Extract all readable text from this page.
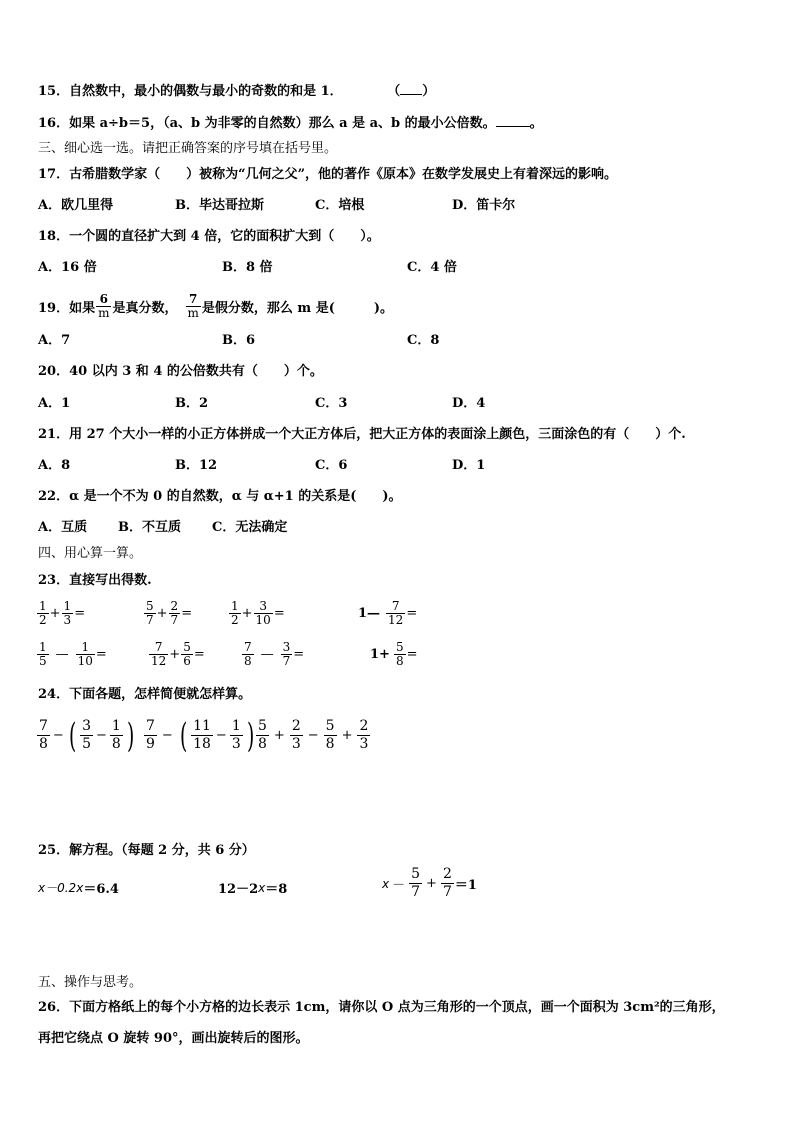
15．自然数中，最小的偶数与最小的奇数的和是 1．	（ ）
16．如果 a÷b＝5，（a、b 为非零的自然数）那么 a 是 a、b 的最小公倍数。	。
三、细心选一选。请把正确答案的序号填在括号里。
17．古希腊数学家（　　）被称为“几何之父”，他的著作《原本》在数学发展史上有着深远的影响。
A．欧几里得	B．毕达哥拉斯	C．培根	D．笛卡尔
18．一个圆的直径扩大到 4 倍，它的面积扩大到（　　）。
A．16 倍	B．8 倍	C．4 倍
19．如果 $\frac{6}{m}$ 是真分数， $\frac{7}{m}$ 是假分数，那么 m 是(　　　)。
A．7	B．6	C．8
20．40 以内 3 和 4 的公倍数共有（　　）个。
A．1	B．2	C．3	D．4
21．用 27 个大小一样的小正方体拼成一个大正方体后，把大正方体的表面涂上颜色，三面涂色的有（　　）个.
A．8	B．12	C．6	D．1
22．α 是一个不为 0 的自然数，α 与 α+1 的关系是(　　)。
A．互质 B．不互质 C．无法确定
四、用心算一算。
23．直接写出得数.
$\frac{1}{2} + \frac{1}{3}$ =	$\frac{5}{7} + \frac{2}{7}$ =	$\frac{1}{2} + \frac{3}{10}$ =	1— $\frac{7}{12}$ =
$\frac{1}{5}$ — $\frac{1}{10}$ =	$\frac{7}{12} + \frac{5}{6}$ =	$\frac{7}{8}$ — $\frac{3}{7}$ =	$1+ \frac{5}{8}$ =
24．下面各题，怎样简便就怎样算。
$\frac{7}{8}$ − ( $\frac{3}{5} - \frac{1}{8}$ ) $\frac{7}{9}$ − ( $\frac{11}{18} - \frac{1}{3}$ ) $\frac{5}{8} + \frac{2}{3} - \frac{5}{8} + \frac{2}{3}$
25．解方程。（每题 2 分，共 6 分）
x －0.2 x ＝6.4	12－2 x ＝8	$x - \frac{5}{7} + \frac{2}{7} =1$
五、操作与思考。
26．下面方格纸上的每个小方格的边长表示 1cm，请你以 O 点为三角形的一个顶点，画一个面积为 3cm²的三角形，
再把它绕点 O 旋转 90°，画出旋转后的图形。
